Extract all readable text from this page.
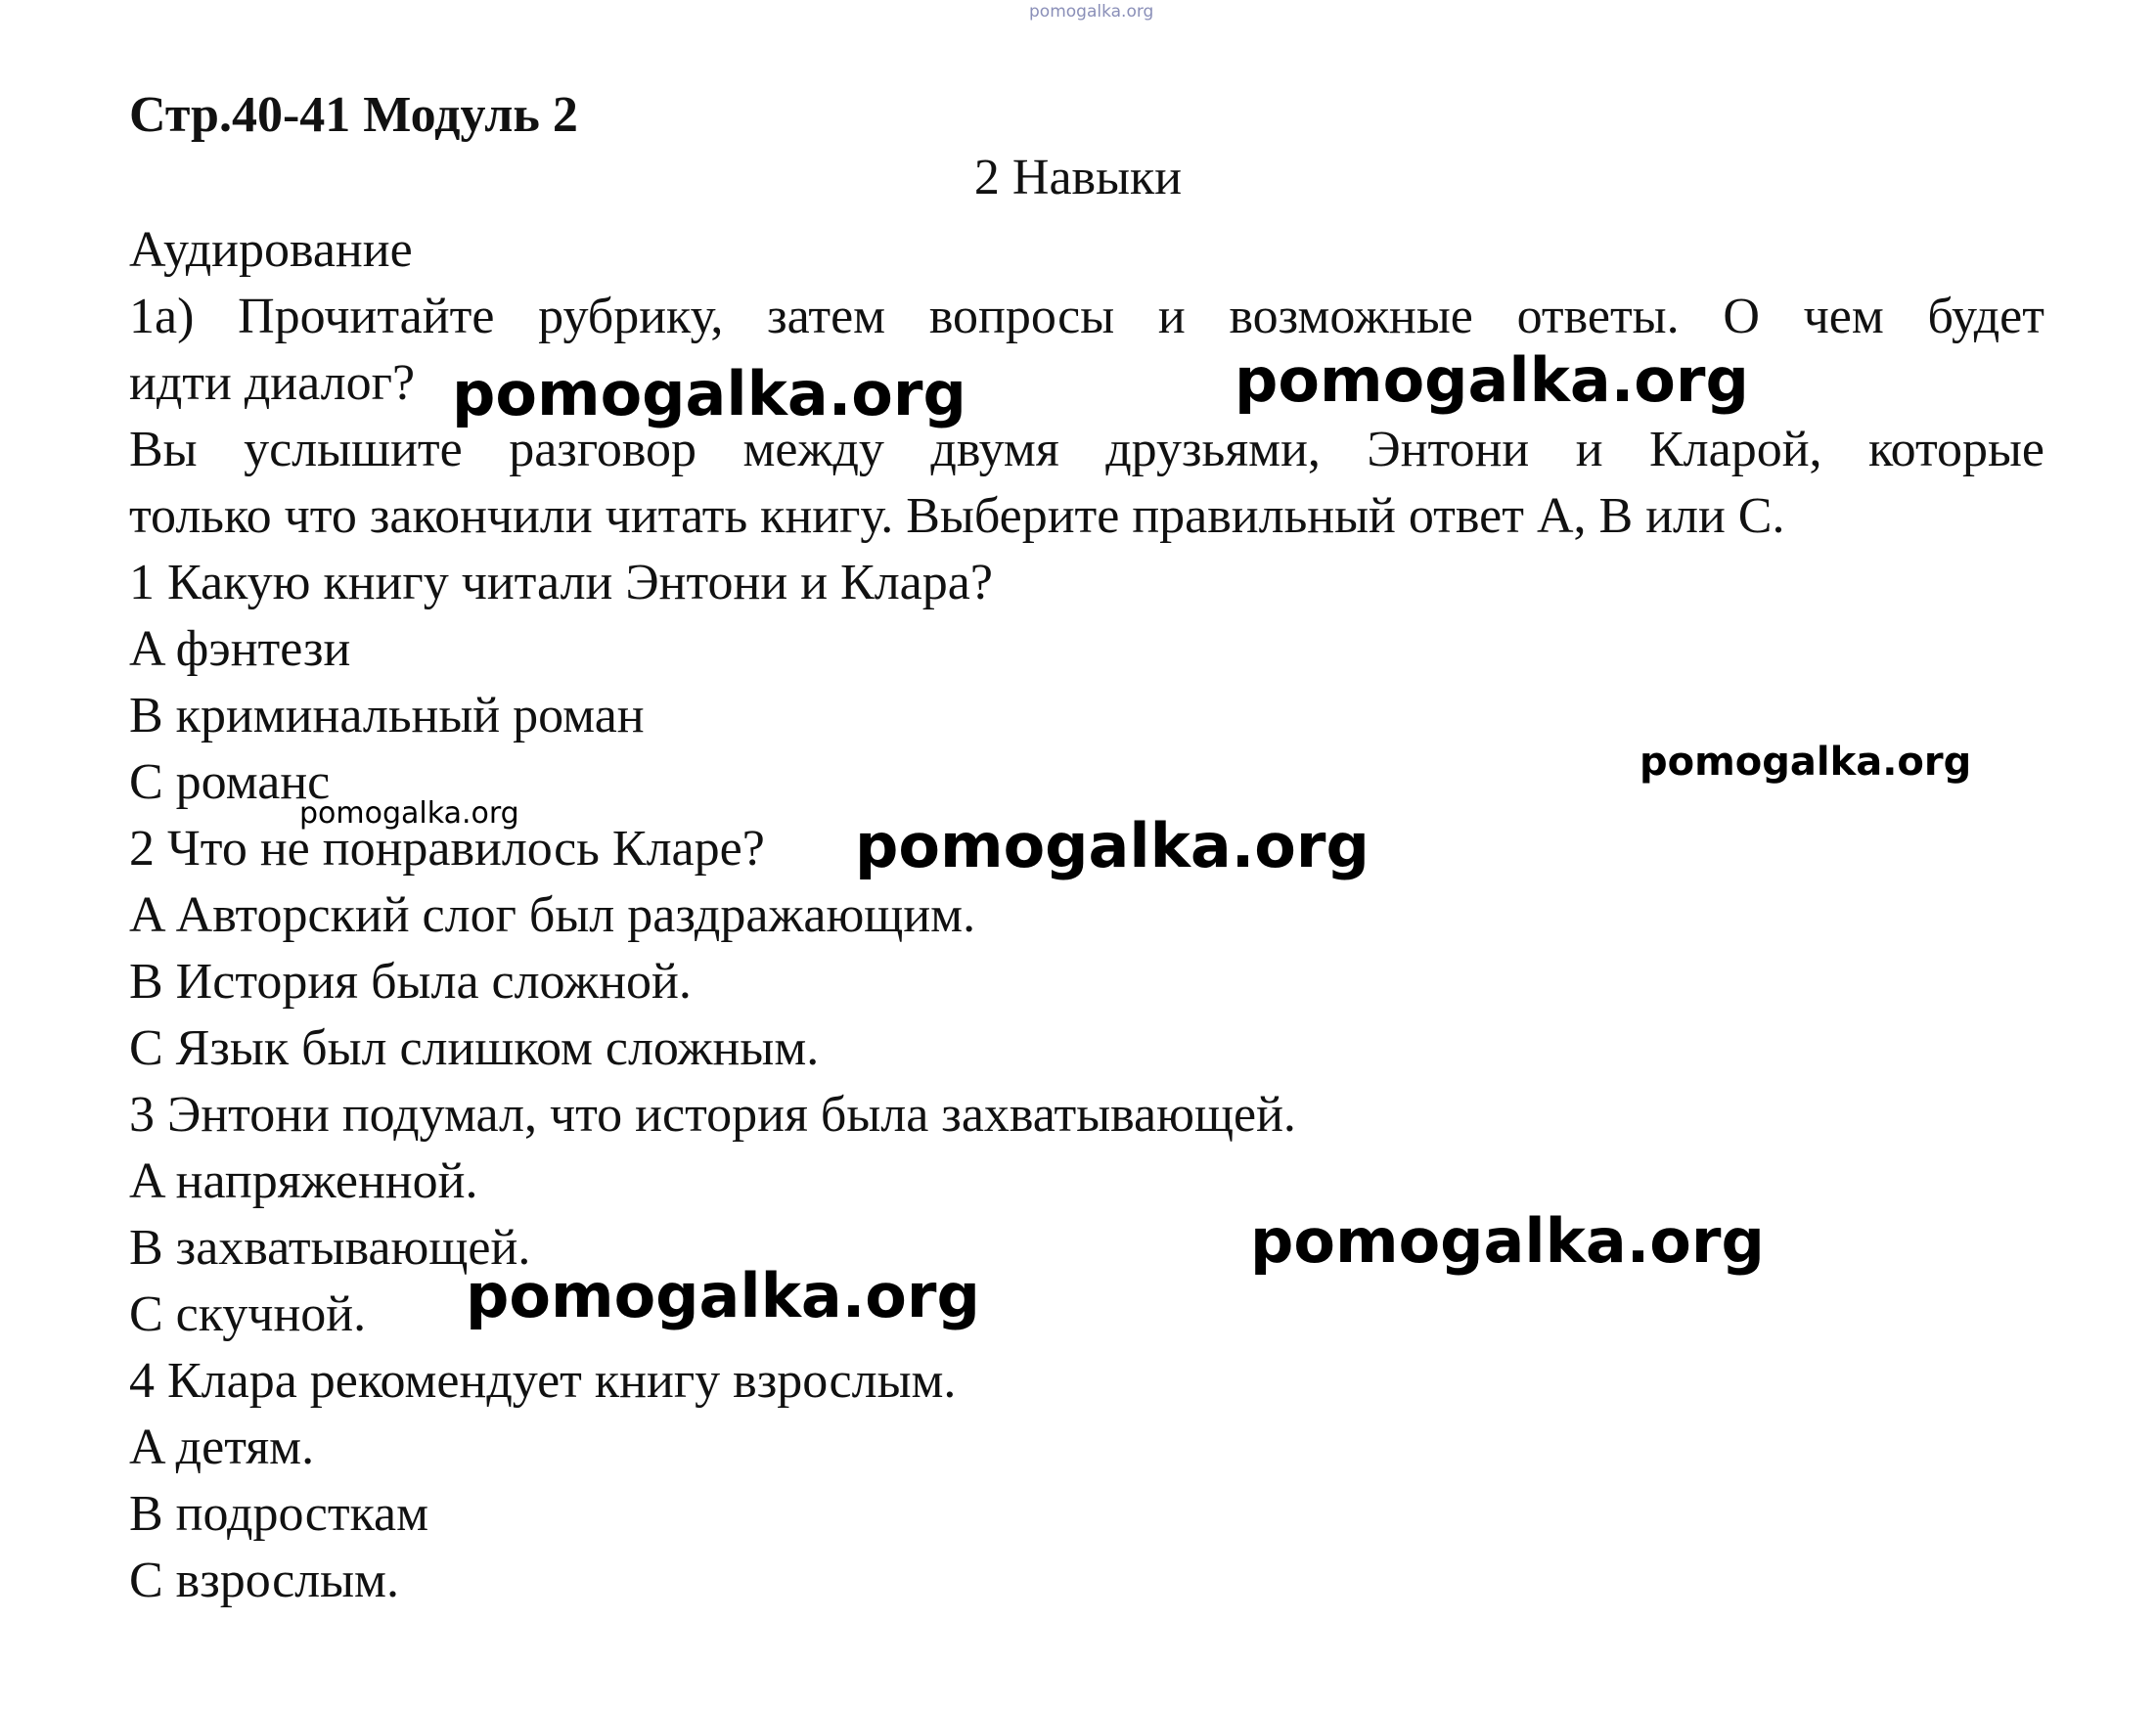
pomogalka.org
Стр.40-41 Модуль 2
2 Навыки
Аудирование
1a) Прочитайте рубрику, затем вопросы и возможные ответы. О чем будет
идти диалог?
Вы услышите разговор между двумя друзьями, Энтони и Кларой, которые
только что закончили читать книгу. Выберите правильный ответ А, В или С.
1 Какую книгу читали Энтони и Клара?
A фэнтези
B криминальный роман
C романс
2 Что не понравилось Кларе?
A Авторский слог был раздражающим.
B История была сложной.
C Язык был слишком сложным.
3 Энтони подумал, что история была захватывающей.
A напряженной.
B захватывающей.
C скучной.
4 Клара рекомендует книгу взрослым.
A детям.
B подросткам
C взрослым.
pomogalka.org	pomogalka.org
pomogalka.org
pomogalka.org	pomogalka.org
pomogalka.org
pomogalka.org
